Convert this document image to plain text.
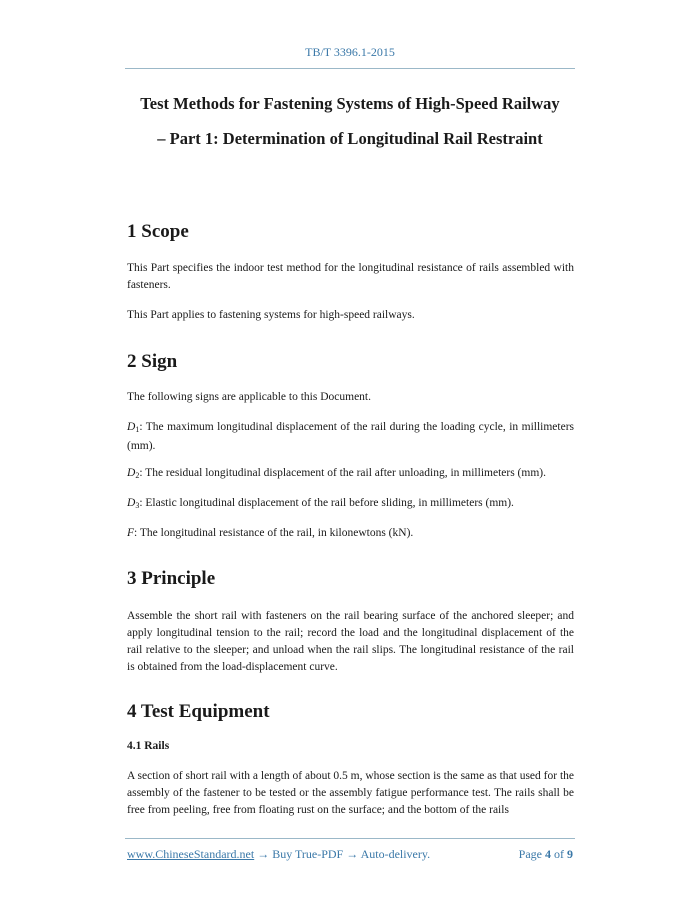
TB/T 3396.1-2015
Test Methods for Fastening Systems of High-Speed Railway
– Part 1: Determination of Longitudinal Rail Restraint
1 Scope
This Part specifies the indoor test method for the longitudinal resistance of rails assembled with fasteners.
This Part applies to fastening systems for high-speed railways.
2 Sign
The following signs are applicable to this Document.
$D_1$: The maximum longitudinal displacement of the rail during the loading cycle, in millimeters (mm).
$D_2$: The residual longitudinal displacement of the rail after unloading, in millimeters (mm).
$D_3$: Elastic longitudinal displacement of the rail before sliding, in millimeters (mm).
F: The longitudinal resistance of the rail, in kilonewtons (kN).
3 Principle
Assemble the short rail with fasteners on the rail bearing surface of the anchored sleeper; and apply longitudinal tension to the rail; record the load and the longitudinal displacement of the rail relative to the sleeper; and unload when the rail slips. The longitudinal resistance of the rail is obtained from the load-displacement curve.
4 Test Equipment
4.1 Rails
A section of short rail with a length of about 0.5 m, whose section is the same as that used for the assembly of the fastener to be tested or the assembly fatigue performance test. The rails shall be free from peeling, free from floating rust on the surface; and the bottom of the rails
www.ChineseStandard.net → Buy True-PDF → Auto-delivery.	Page 4 of 9
